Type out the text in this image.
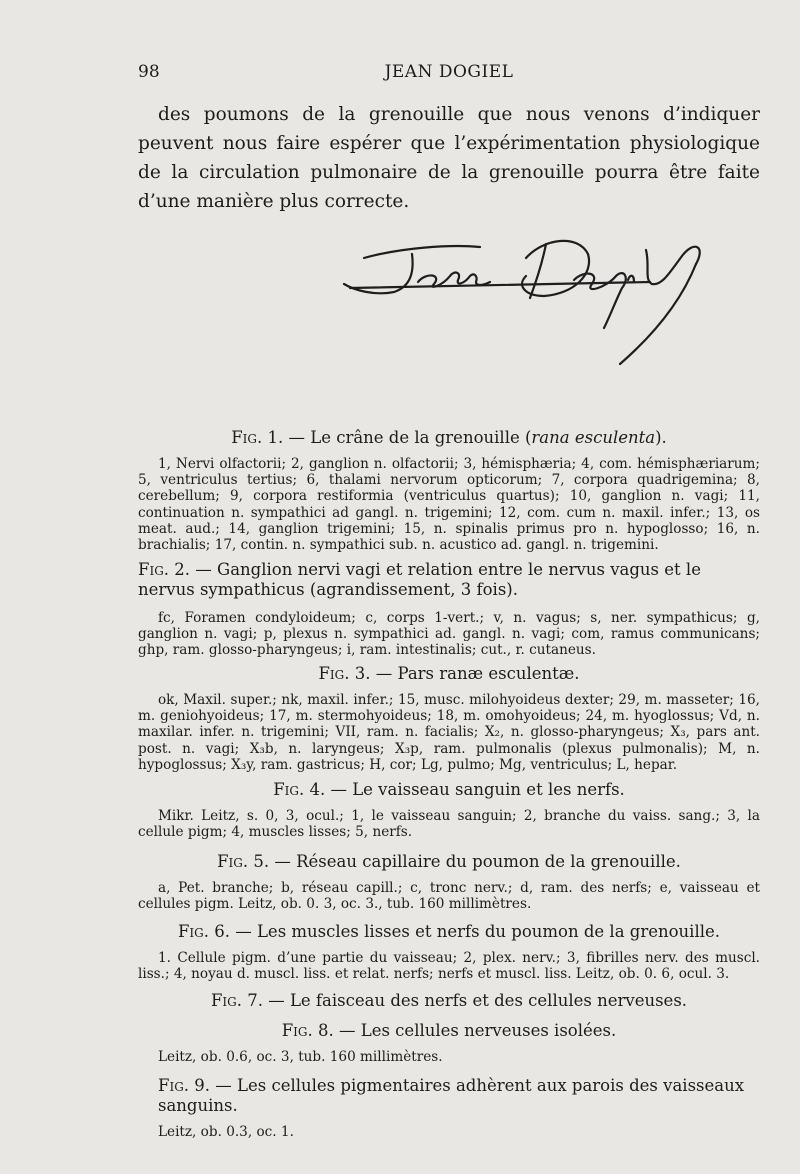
98	JEAN DOGIEL

des poumons de la grenouille que nous venons d’indiquer peuvent nous faire espérer que l’expérimentation physiologique de la circulation pulmonaire de la grenouille pourra être faite d’une manière plus correcte.

Fig. 1. — Le crâne de la grenouille (rana esculenta).

1, Nervi olfactorii; 2, ganglion n. olfactorii; 3, hémisphæria; 4, com. hémisphæriarum; 5, ventriculus tertius; 6, thalami nervorum opticorum; 7, corpora quadrigemina; 8, cerebellum; 9, corpora restiformia (ventriculus quartus); 10, ganglion n. vagi; 11, continuation n. sympathici ad gangl. n. trigemini; 12, com. cum n. maxil. infer.; 13, os meat. aud.; 14, ganglion trigemini; 15, n. spinalis primus pro n. hypoglosso; 16, n. brachialis; 17, contin. n. sympathici sub. n. acustico ad. gangl. n. trigemini.

Fig. 2. — Ganglion nervi vagi et relation entre le nervus vagus et le nervus sympathicus (agrandissement, 3 fois).

fc, Foramen condyloideum; c, corps 1-vert.; v, n. vagus; s, ner. sympathicus; g, ganglion n. vagi; p, plexus n. sympathici ad. gangl. n. vagi; com, ramus communicans; ghp, ram. glosso-pharyngeus; i, ram. intestinalis; cut., r. cutaneus.

Fig. 3. — Pars ranæ esculentæ.

ok, Maxil. super.; nk, maxil. infer.; 15, musc. milohyoideus dexter; 29, m. masseter; 16, m. geniohyoideus; 17, m. stermohyoideus; 18, m. omohyoideus; 24, m. hyoglossus; Vd, n. maxilar. infer. n. trigemini; VII, ram. n. facialis; X₂, n. glosso-pharyngeus; X₃, pars ant. post. n. vagi; X₃b, n. laryngeus; X₃p, ram. pulmonalis (plexus pulmonalis); M, n. hypoglossus; X₃y, ram. gastricus; H, cor; Lg, pulmo; Mg, ventriculus; L, hepar.

Fig. 4. — Le vaisseau sanguin et les nerfs.

Mikr. Leitz, s. 0, 3, ocul.; 1, le vaisseau sanguin; 2, branche du vaiss. sang.; 3, la cellule pigm; 4, muscles lisses; 5, nerfs.

Fig. 5. — Réseau capillaire du poumon de la grenouille.

a, Pet. branche; b, réseau capill.; c, tronc nerv.; d, ram. des nerfs; e, vaisseau et cellules pigm. Leitz, ob. 0. 3, oc. 3., tub. 160 millimètres.

Fig. 6. — Les muscles lisses et nerfs du poumon de la grenouille.

1. Cellule pigm. d’une partie du vaisseau; 2, plex. nerv.; 3, fibrilles nerv. des muscl. liss.; 4, noyau d. muscl. liss. et relat. nerfs; nerfs et muscl. liss. Leitz, ob. 0. 6, ocul. 3.

Fig. 7. — Le faisceau des nerfs et des cellules nerveuses.

Fig. 8. — Les cellules nerveuses isolées.

Leitz, ob. 0.6, oc. 3, tub. 160 millimètres.

Fig. 9. — Les cellules pigmentaires adhèrent aux parois des vaisseaux sanguins.

Leitz, ob. 0.3, oc. 1.
